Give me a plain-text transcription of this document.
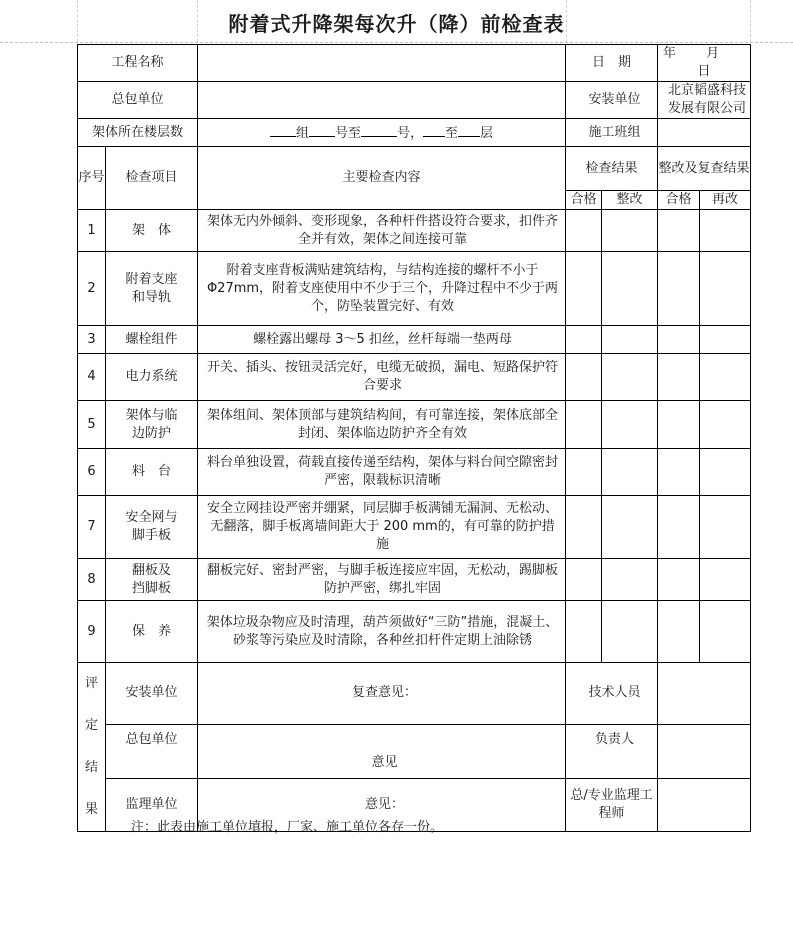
附着式升降架每次升（降）前检查表
工程名称			日　期		年 月  日	
总包单位			安装单位		北京韬盛科技发展有限公司	
架体所在楼层数		组 号至 号， 至 层	施工班组			
序号	检查项目	主要检查内容	检查结果		整改及复查结果	
			合格	整改	合格	再改
1	架　体	架体无内外倾斜、变形现象，各种杆件搭设符合要求，扣件齐全并有效，架体之间连接可靠				
2	附着支座和导轨	附着支座背板满贴建筑结构，与结构连接的螺杆不小于Φ27mm，附着支座使用中不少于三个，升降过程中不少于两个，防坠装置完好、有效				
3	螺栓组件	螺栓露出螺母 3～5 扣丝，丝杆每端一垫两母				
4	电力系统	开关、插头、按钮灵活完好，电缆无破损，漏电、短路保护符合要求				
5	架体与临边防护	架体组间、架体顶部与建筑结构间，有可靠连接，架体底部全封闭、架体临边防护齐全有效				
6	料　台	料台单独设置，荷载直接传递至结构，架体与料台间空隙密封严密，限载标识清晰				
7	安全网与脚手板	安全立网挂设严密并绷紧，同层脚手板满铺无漏洞、无松动、无翻落，脚手板离墙间距大于 200 mm的，有可靠的防护措施				
8	翻板及挡脚板	翻板完好、密封严密，与脚手板连接应牢固，无松动，踢脚板防护严密，绑扎牢固				
9	保　养	架体垃圾杂物应及时清理，葫芦须做好“三防”措施，混凝土、砂浆等污染应及时清除，各种丝扣杆件定期上油除锈				

评
定
结
果	安装单位	复查意见：	技术人员			
	总包单位	意见	负责人			
	监理单位	意见：	总/专业监理工程师			
注：此表由施工单位填报，厂家、施工单位各存一份。
